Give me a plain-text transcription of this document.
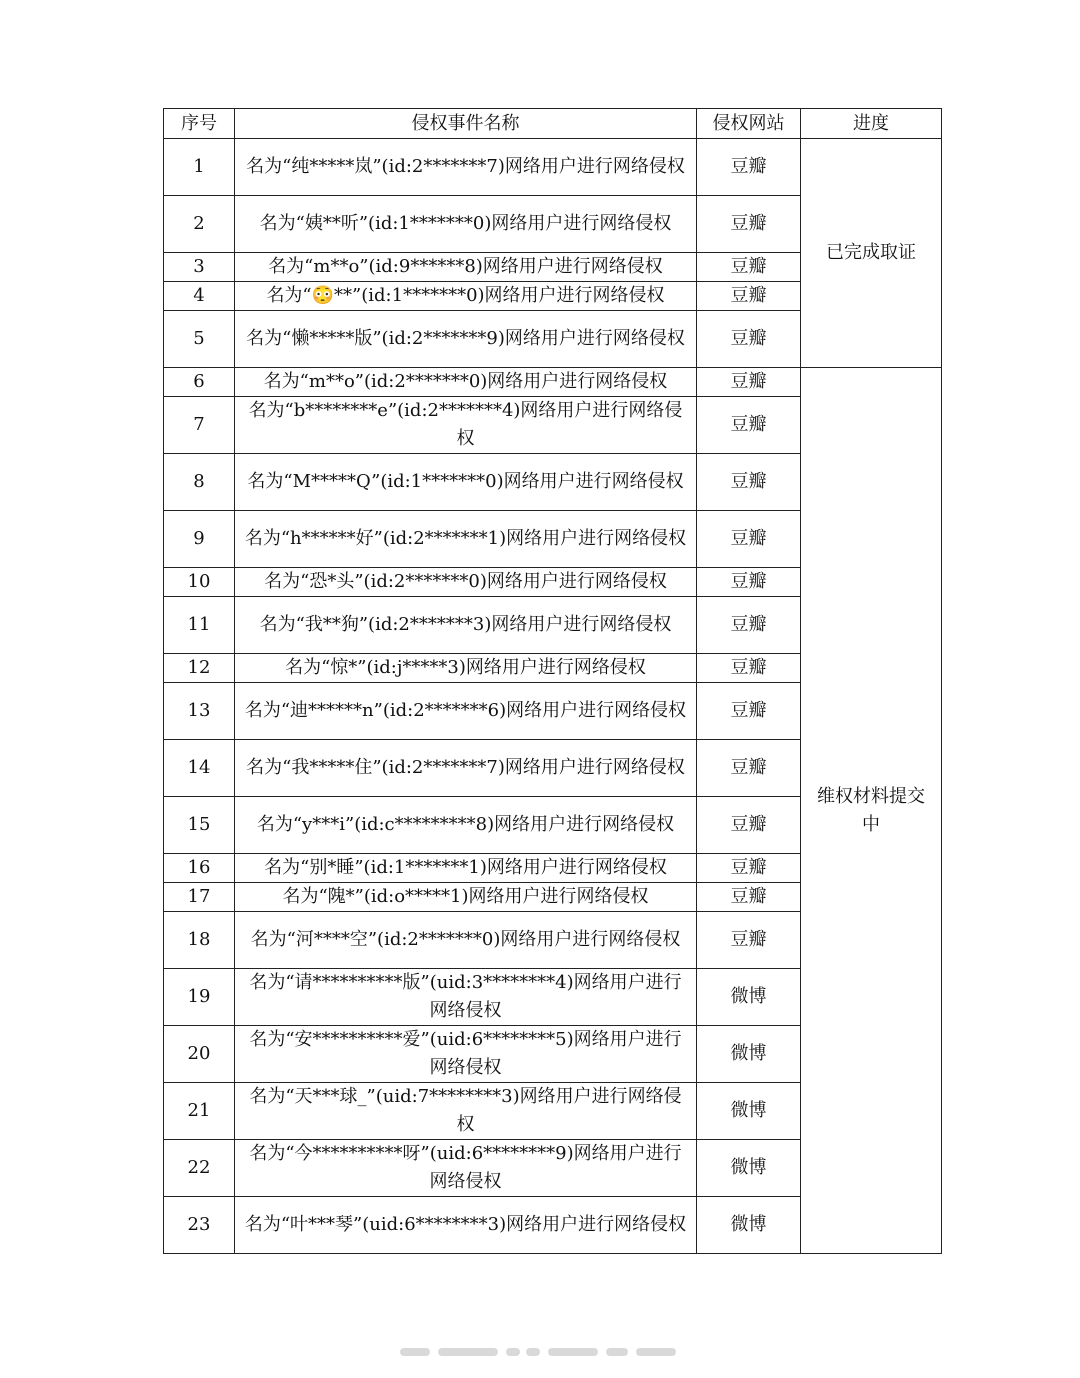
序号	侵权事件名称	侵权网站	进度
1	名为“纯*****岚”(id:2*******7)网络用户进行网络侵权	豆瓣	已完成取证
2	名为“姨**听”(id:1*******0)网络用户进行网络侵权	豆瓣	
3	名为“m**o”(id:9******8)网络用户进行网络侵权	豆瓣	
4	名为“😳**”(id:1*******0)网络用户进行网络侵权	豆瓣	
5	名为“懒*****版”(id:2*******9)网络用户进行网络侵权	豆瓣	
6	名为“m**o”(id:2*******0)网络用户进行网络侵权	豆瓣	维权材料提交中
7	名为“b********e”(id:2*******4)网络用户进行网络侵权	豆瓣	
8	名为“M*****Q”(id:1*******0)网络用户进行网络侵权	豆瓣	
9	名为“h******好”(id:2*******1)网络用户进行网络侵权	豆瓣	
10	名为“恐*头”(id:2*******0)网络用户进行网络侵权	豆瓣	
11	名为“我**狗”(id:2*******3)网络用户进行网络侵权	豆瓣	
12	名为“惊*”(id:j*****3)网络用户进行网络侵权	豆瓣	
13	名为“迪******n”(id:2*******6)网络用户进行网络侵权	豆瓣	
14	名为“我*****住”(id:2*******7)网络用户进行网络侵权	豆瓣	
15	名为“y***i”(id:c*********8)网络用户进行网络侵权	豆瓣	
16	名为“别*睡”(id:1*******1)网络用户进行网络侵权	豆瓣	
17	名为“隗*”(id:o*****1)网络用户进行网络侵权	豆瓣	
18	名为“河****空”(id:2*******0)网络用户进行网络侵权	豆瓣	
19	名为“请**********版”(uid:3********4)网络用户进行网络侵权	微博	
20	名为“安**********爱”(uid:6********5)网络用户进行网络侵权	微博	
21	名为“天***球_”(uid:7********3)网络用户进行网络侵权	微博	
22	名为“今**********呀”(uid:6********9)网络用户进行网络侵权	微博	
23	名为“叶***琴”(uid:6********3)网络用户进行网络侵权	微博	
